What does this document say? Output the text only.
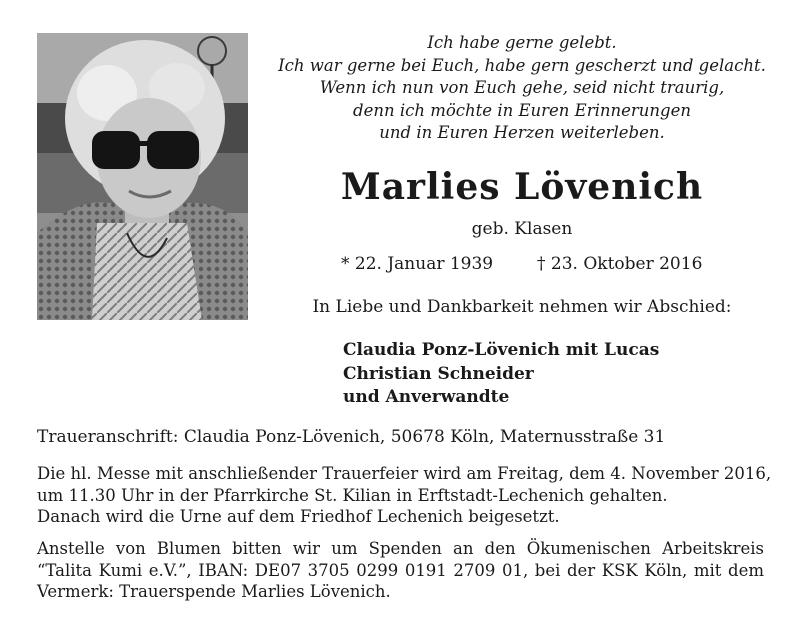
Ich habe gerne gelebt.
Ich war gerne bei Euch, habe gern gescherzt und gelacht.
Wenn ich nun von Euch gehe, seid nicht traurig,
denn ich möchte in Euren Erinnerungen
und in Euren Herzen weiterleben.
Marlies Lövenich
geb. Klasen
* 22. Januar 1939	† 23. Oktober 2016
In Liebe und Dankbarkeit nehmen wir Abschied:
Claudia Ponz-Lövenich mit Lucas
Christian Schneider
und Anverwandte
Traueranschrift: Claudia Ponz-Lövenich, 50678 Köln, Maternusstraße 31
Die hl. Messe mit anschließender Trauerfeier wird am Freitag, dem 4. November 2016,
um 11.30 Uhr in der Pfarrkirche St. Kilian in Erftstadt-Lechenich gehalten.
Danach wird die Urne auf dem Friedhof Lechenich beigesetzt.
Anstelle von Blumen bitten wir um Spenden an den Ökumenischen Arbeitskreis
“Talita Kumi e.V.”, IBAN: DE07 3705 0299 0191 2709 01, bei der KSK Köln, mit dem
Vermerk: Trauerspende Marlies Lövenich.
